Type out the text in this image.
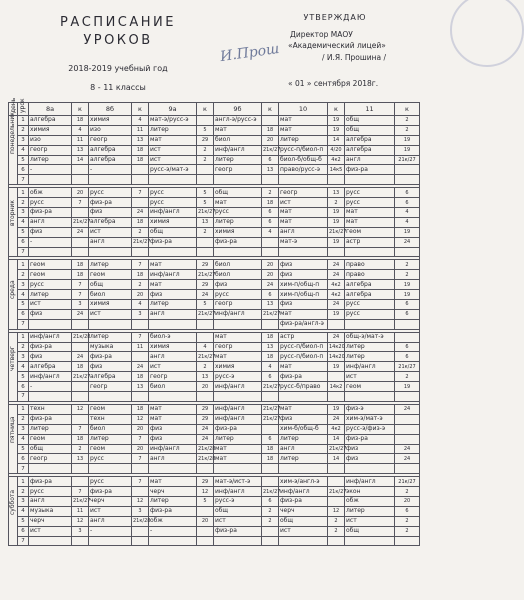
РАСПИСАНИЕ
УРОКОВ
2018-2019 учебный год
8 - 11 классы
УТВЕРЖДАЮ
Директор МАОУ
«Академический лицей»
И.Прош	/ И.Я. Прошина /
« 01 » сентября 2018г.
день	урок	8а	к	8б	к	9а	к	9б	к	10	к	11	к

понедельник	1	алгебра	18	химия	4	мат-э/русс-э		англ-э/русс-э		мат	19	общ	2
	2	химия	4	изо	11	литер	5	мат	18	мат	19	общ	2
	3	изо	11	геогр	13	мат	29	биол	20	литер	14	алгебра	19
	4	геогр	13	алгебра	18	ист	2	инф/англ	21к/27	русс-п/биол-п	4/20	алгебра	19
	5	литер	14	алгебра	18	ист	2	литер	6	биол-б/общ-б	4к2	англ	21к/27
	6	-		-		русс-э/мат-э		геогр	13	право/русс-э	14к5	физ-ра	
	7												

вторник	1	обж	20	русс	7	русс	5	общ	2	геогр	13	русс	6
	2	русс	7	физ-ра		русс	5	мат	18	ист	2	русс	6
	3	физ-ра		физ	24	инф/англ	21к/27	русс	6	мат	19	мат	4
	4	англ	21к/27	алгебра	18	химия	13	литер	6	мат	19	мат	4
	5	физ	24	ист	2	общ	2	химия	4	англ	21к/27	геом	19
	6	-		англ	21к/27	физ-ра		физ-ра		мат-э	19	астр	24
	7												

среда	1	геом	18	литер	7	мат	29	биол	20	физ	24	право	2
	2	геом	18	геом	18	инф/англ	21к/27	биол	20	физ	24	право	2
	3	русс	7	общ	2	мат	29	физ	24	хим-п/общ-п	4к2	алгебра	19
	4	литер	7	биол	20	физ	24	русс	6	хим-п/общ-п	4к2	алгебра	19
	5	ист	3	химия	4	литер	5	геогр	13	физ	24	русс	6
	6	физ	24	ист	3	англ	21к/27	инф/англ	21к/27	мат	19	русс	6
	7									физ-ра/англ-э			

четверг	1	инф/англ	21к/28	литер	7	биол-э		мат	18	астр	24	общ-э/мат-э	
	2	физ-ра		музыка	11	химия	4	геогр	13	русс-п/биол-п	14к20	литер	6
	3	физ	24	физ-ра		англ	21к/27	мат	18	русс-п/биол-п	14к20	литер	6
	4	алгебра	18	физ	24	ист	2	химия	4	мат	19	инф/англ	21к/27
	5	инф/англ	21к/27	алгебра	18	геогр	13	русс-э	6	физ-ра		ист	2
	6	-		геогр	13	биол	20	инф/англ	21к/27	русс-б/право	14к2	геом	19
	7												

пятница	1	техн	12	геом	18	мат	29	инф/англ	21к/27	мат	19	физ-э	24
	2	физ-ра		техн	12	мат	29	инф/англ	21к/27	физ	24	хим-э/мат-э	
	3	литер	7	биол	20	физ	24	физ-ра		хим-б/общ-б	4к2	русс-э/физ-э	
	4	геом	18	литер	7	физ	24	литер	6	литер	14	физ-ра	
	5	общ	2	геом	20	инф/англ	21к/28	мат	18	англ	21к/27	физ	24
	6	геогр	13	русс	7	англ	21к/28	мат	18	литер	14	физ	24
	7												

суббота	1	физ-ра		русс	7	мат	29	мат-э/ист-э		хим-э/англ-э		инф/англ	21к/27
	2	русс	7	физ-ра		черч	12	инф/англ	21к/27	инф/англ	21к/27	экон	2
	3	англ	21к/27	черч	12	литер	5	русс-э	6	физ-ра		обж	20
	4	музыка	11	ист	3	физ-ра		общ	2	черч	12	литер	6
	5	черч	12	англ	21к/28	обж	20	ист	2	общ	2	ист	2
	6	ист	3	-		-		физ-ра		ист	2	общ	2
	7												
